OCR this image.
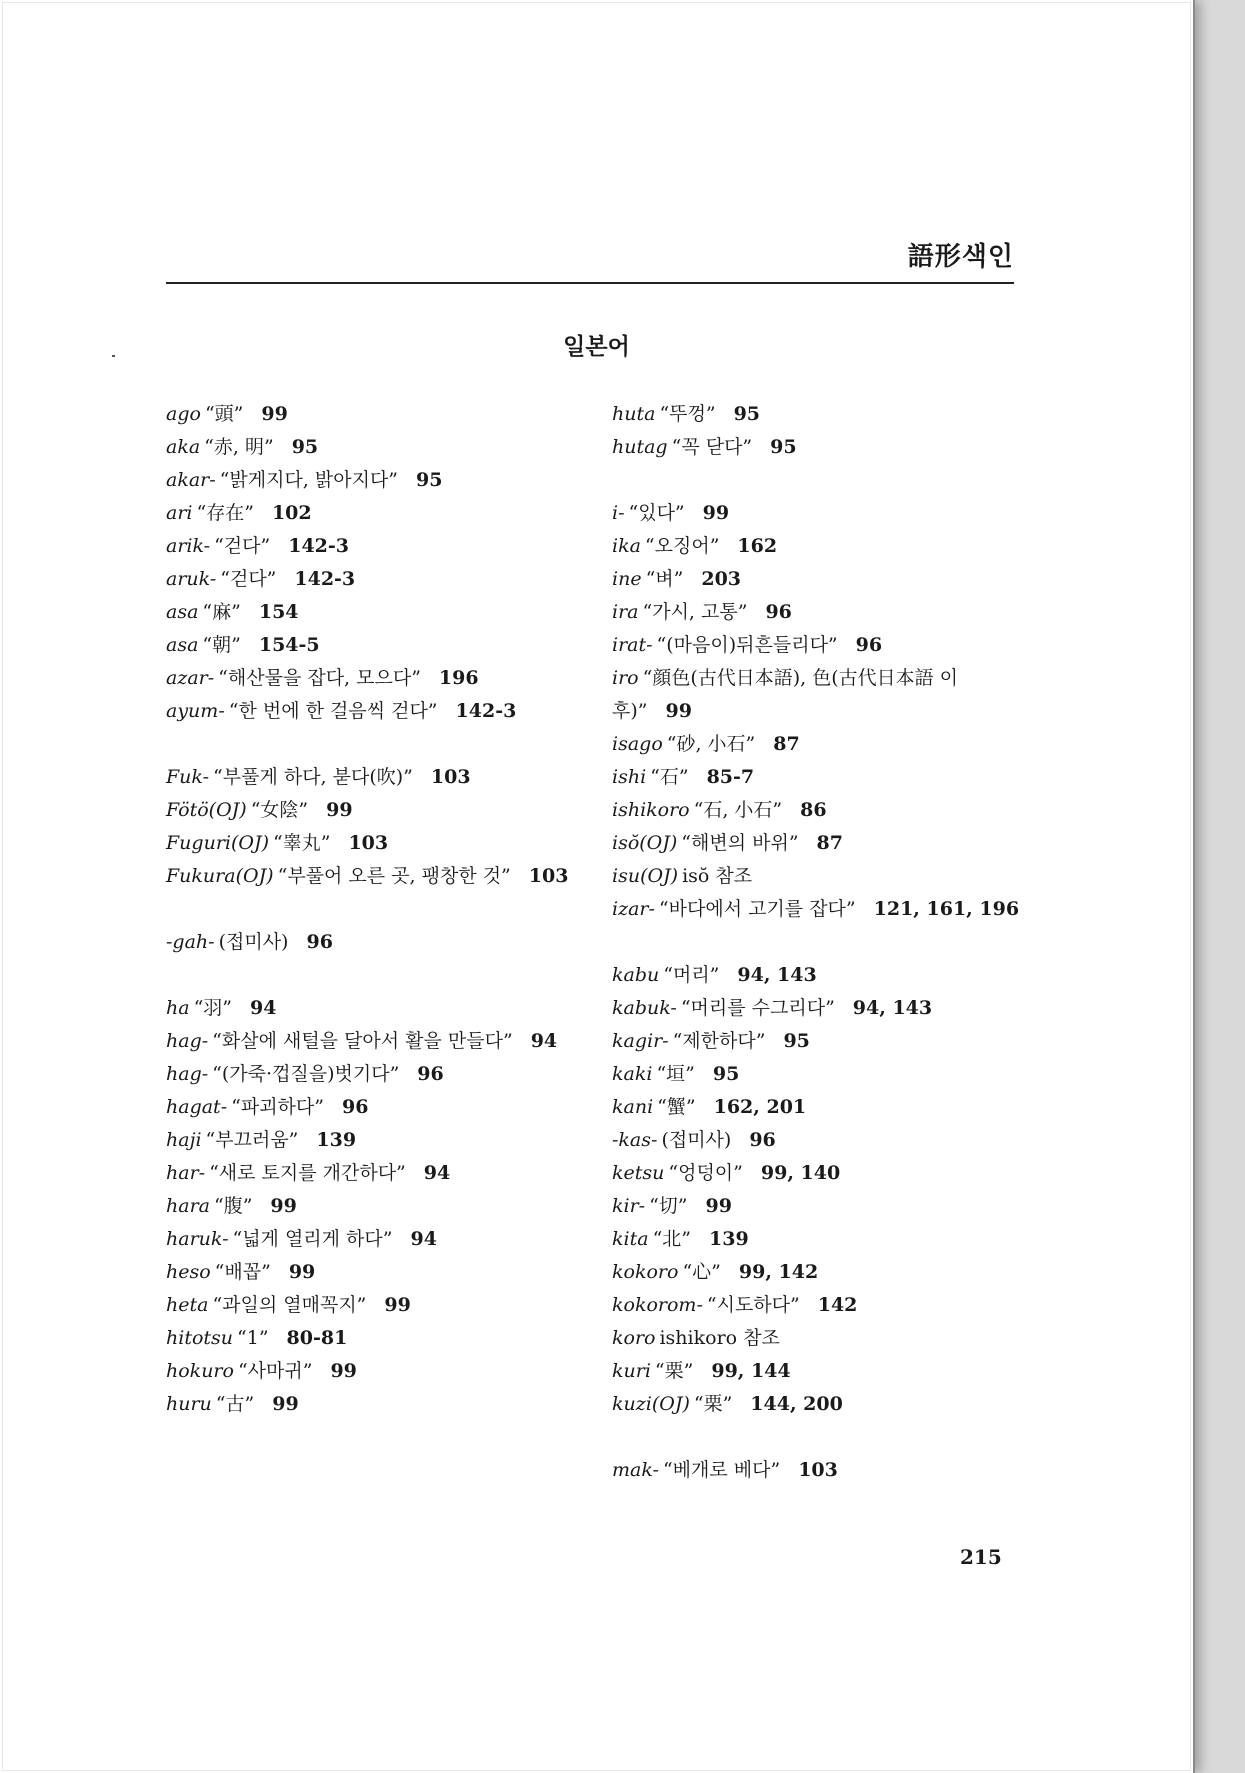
語形색인
일본어
ago “頭” 99
aka “赤, 明” 95
akar- “밝게지다, 밝아지다” 95
ari “存在” 102
arik- “걷다” 142-3
aruk- “걷다” 142-3
asa “麻” 154
asa “朝” 154-5
azar- “해산물을 잡다, 모으다” 196
ayum- “한 번에 한 걸음씩 걷다” 142-3
Fuk- “부풀게 하다, 붇다(吹)” 103
Fötö(OJ) “女陰” 99
Fuguri(OJ) “睾丸” 103
Fukura(OJ) “부풀어 오른 곳, 팽창한 것” 103
-gah- (접미사) 96
ha “羽” 94
hag- “화살에 새털을 달아서 활을 만들다” 94
hag- “(가죽·껍질을)벗기다” 96
hagat- “파괴하다” 96
haji “부끄러움” 139
har- “새로 토지를 개간하다” 94
hara “腹” 99
haruk- “넓게 열리게 하다” 94
heso “배꼽” 99
heta “과일의 열매꼭지” 99
hitotsu “1” 80-81
hokuro “사마귀” 99
huru “古” 99
huta “뚜껑” 95
hutag “꼭 닫다” 95
i- “있다” 99
ika “오징어” 162
ine “벼” 203
ira “가시, 고통” 96
irat- “(마음이)뒤흔들리다” 96
iro “顔色(古代日本語), 色(古代日本語 이후)” 99
isago “砂, 小石” 87
ishi “石” 85-7
ishikoro “石, 小石” 86
isŏ(OJ) “해변의 바위” 87
isu(OJ) isŏ 참조
izar- “바다에서 고기를 잡다” 121, 161, 196
kabu “머리” 94, 143
kabuk- “머리를 수그리다” 94, 143
kagir- “제한하다” 95
kaki “垣” 95
kani “蟹” 162, 201
-kas- (접미사) 96
ketsu “엉덩이” 99, 140
kir- “切” 99
kita “北” 139
kokoro “心” 99, 142
kokorom- “시도하다” 142
koro ishikoro 참조
kuri “栗” 99, 144
kuzi(OJ) “栗” 144, 200
mak- “베개로 베다” 103
215
